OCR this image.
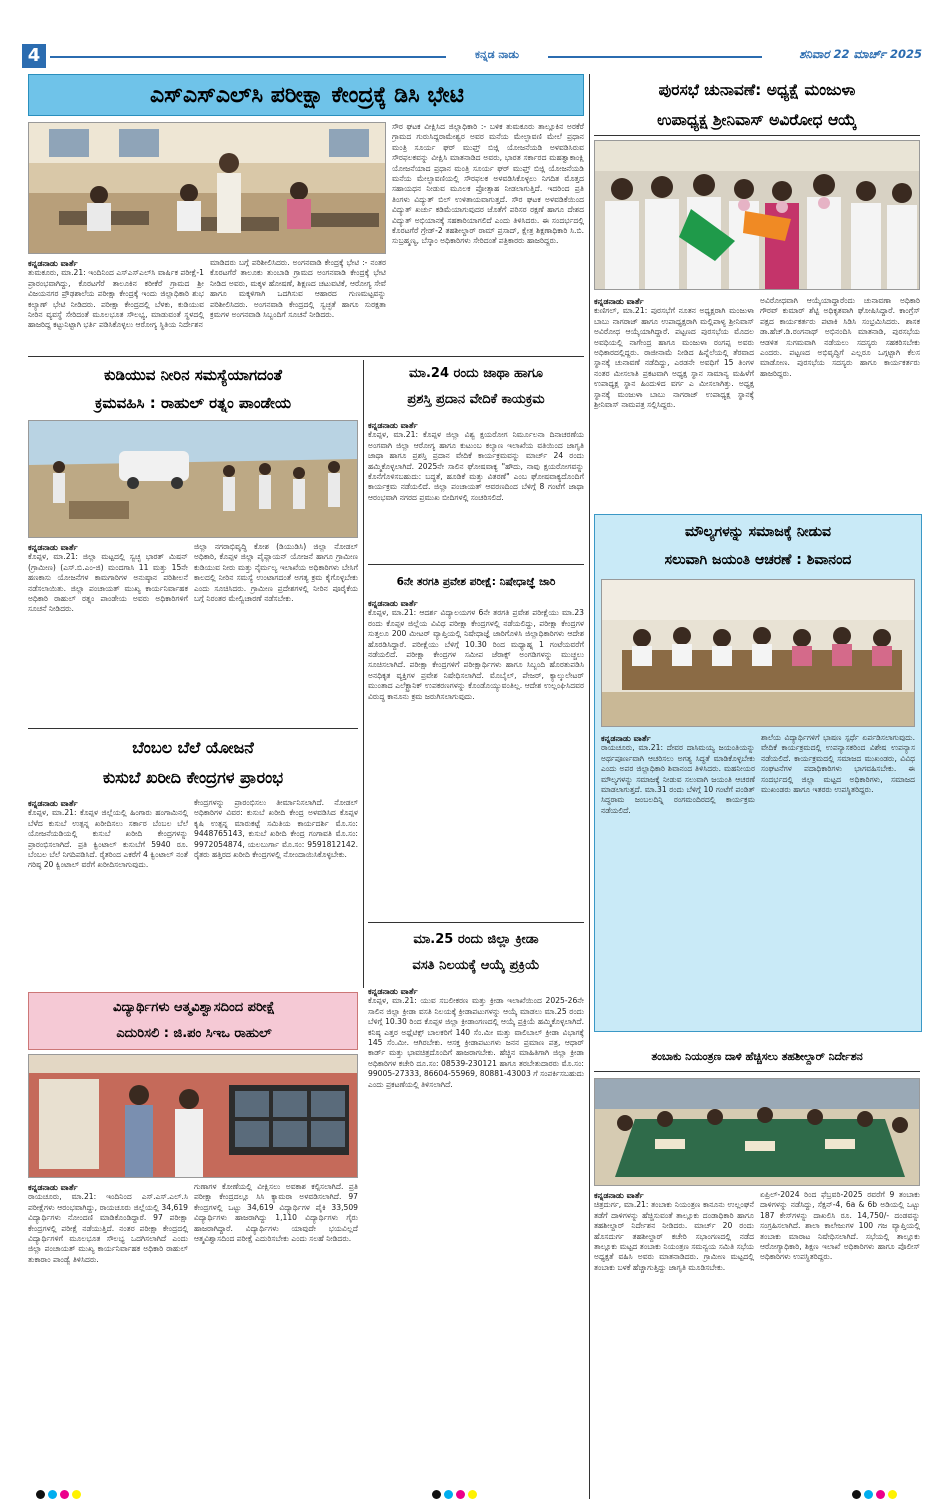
4	ಕನ್ನಡ ನಾಡು	ಶನಿವಾರ 22 ಮಾರ್ಚ್ 2025
ಎಸ್‌ಎಸ್‌ಎಲ್‌ಸಿ ಪರೀಕ್ಷಾ ಕೇಂದ್ರಕ್ಕೆ ಡಿಸಿ ಭೇಟಿ
ಸೌರ ಘಟಕ ವೀಕ್ಷಿಸಿದ ಜಿಲ್ಲಾಧಿಕಾರಿ :- ಬಳಿಕ ತುಮಕೂರು ತಾಲ್ಲೂಕಿನ ಅರಕೆರೆ ಗ್ರಾಮದ ಗುರುಸಿದ್ದರಾಮೇಶ್ವರ ಅವರ ಮನೆಯ ಮೇಲ್ಛಾವಣಿ ಮೇಲೆ ಪ್ರಧಾನ ಮಂತ್ರಿ ಸೂರ್ಯ ಘರ್ ಮುಫ್ತ್ ಬಿಜ್ಲಿ ಯೋಜನೆಯಡಿ ಅಳವಡಿಸಿರುವ ಸೌರಫಲಕವನ್ನು ವೀಕ್ಷಿಸಿ ಮಾತನಾಡಿದ ಅವರು, ಭಾರತ ಸರ್ಕಾರದ ಮಹತ್ವಾಕಾಂಕ್ಷಿ ಯೋಜನೆಯಾದ ಪ್ರಧಾನ ಮಂತ್ರಿ ಸೂರ್ಯ ಘರ್ ಮುಫ್ತ್ ಬಿಜ್ಲಿ ಯೋಜನೆಯಡಿ ಮನೆಯ ಮೇಲ್ಛಾವಣಿಯಲ್ಲಿ ಸೌರಫಲಕ ಅಳವಡಿಸಿಕೊಳ್ಳಲು ನಿಗದಿತ ಮೊತ್ತದ ಸಹಾಯಧನ ನೀಡುವ ಮೂಲಕ ಪ್ರೋತ್ಸಾಹ ನೀಡಲಾಗುತ್ತಿದೆ. ಇದರಿಂದ ಪ್ರತಿ ತಿಂಗಳು ವಿದ್ಯುತ್ ಬಿಲ್ ಉಳಿತಾಯವಾಗುತ್ತದೆ. ಸೌರ ಘಟಕ ಅಳವಡಿಕೆಯಿಂದ ವಿದ್ಯುತ್ ಖರ್ಚು ಕಡಿಮೆಯಾಗುವುದರ ಜೊತೆಗೆ ಪರಿಸರ ರಕ್ಷಣೆ ಹಾಗೂ ದೇಶದ ವಿದ್ಯುತ್ ಅಭಿಯಾನಕ್ಕೆ ಸಹಕಾರಿಯಾಗಲಿದೆ ಎಂದು ತಿಳಿಸಿದರು. ಈ ಸಂದರ್ಭದಲ್ಲಿ ಕೊರಟಗೆರೆ ಗ್ರೇಡ್-2 ತಹಶೀಲ್ದಾರ್ ರಾಮ್ ಪ್ರಸಾದ್, ಕ್ಷೇತ್ರ ಶಿಕ್ಷಣಾಧಿಕಾರಿ ಸಿ.ಬಿ. ಸುಬ್ರಹ್ಮಣ್ಯ, ಬೆಸ್ಕಾಂ ಅಧಿಕಾರಿಗಳು ಸೇರಿದಂತೆ ಪತ್ರಿಕಾರರು ಹಾಜರಿದ್ದರು.
ಕನ್ನಡನಾಡು ವಾರ್ತೆ
ತುಮಕೂರು, ಮಾ.21: ಇಂದಿನಿಂದ ಎಸ್‌ಎಸ್‌ಎಲ್‌ಸಿ ವಾರ್ಷಿಕ ಪರೀಕ್ಷೆ-1 ಪ್ರಾರಂಭವಾಗಿದ್ದು, ಕೊರಟಗೆರೆ ತಾಲೂಕಿನ ಕರೀಕೆರೆ ಗ್ರಾಮದ ಶ್ರೀ ವಿಜಯನಗರ ಪ್ರೌಢಶಾಲೆಯ ಪರೀಕ್ಷಾ ಕೇಂದ್ರಕ್ಕೆ ಇಂದು ಜಿಲ್ಲಾಧಿಕಾರಿ ಶುಭ ಕಲ್ಯಾಣ್ ಭೇಟಿ ನೀಡಿದರು. ಪರೀಕ್ಷಾ ಕೇಂದ್ರದಲ್ಲಿ ಬೆಳಕು, ಕುಡಿಯುವ ನೀರಿನ ವ್ಯವಸ್ಥೆ ಸೇರಿದಂತೆ ಮೂಲಭೂತ ಸೌಲಭ್ಯ, ಮಾಡುವಂತೆ ಸ್ಥಳದಲ್ಲಿ ಹಾಜರಿದ್ದ ಕಟ್ಟುನಿಟ್ಟಾಗಿ ಭರ್ತಿ ಪಡಿಸಿಕೊಳ್ಳಲು ಆರೋಗ್ಯ ಸ್ಥಿತಿಯ ನಿರ್ದೇಶನ
ಮಾಡಿದರು ಬಗ್ಗೆ ಪರಿಶೀಲಿಸಿದರು. ಅಂಗನವಾಡಿ ಕೇಂದ್ರಕ್ಕೆ ಭೇಟಿ :- ನಂತರ ಕೊರಟಗೆರೆ ತಾಲೂಕು ತುಂಬಾಡಿ ಗ್ರಾಮದ ಅಂಗನವಾಡಿ ಕೇಂದ್ರಕ್ಕೆ ಭೇಟಿ ನೀಡಿದ ಅವರು, ಮಕ್ಕಳ ಹೋಷಣೆ, ಶಿಕ್ಷಣದ ಚಟುವಟಿಕೆ, ಆರೋಗ್ಯ ಸೇವೆ ಹಾಗೂ ಮಕ್ಕಳಿಗಾಗಿ ಒದಗಿಸುವ ಆಹಾರದ ಗುಣಮಟ್ಟವನ್ನು ಪರಿಶೀಲಿಸಿದರು. ಅಂಗನವಾಡಿ ಕೇಂದ್ರದಲ್ಲಿ ಸ್ವಚ್ಛತೆ ಹಾಗೂ ಸುರಕ್ಷತಾ ಕ್ರಮಗಳ ಅಂಗನವಾಡಿ ಸಿಬ್ಬಂದಿಗೆ ಸೂಚನೆ ನೀಡಿದರು.
ಪುರಸಭೆ ಚುನಾವಣೆ: ಅಧ್ಯಕ್ಷೆ ಮಂಜುಳಾ
ಉಪಾಧ್ಯಕ್ಷ ಶ್ರೀನಿವಾಸ್ ಅವಿರೋಧ ಆಯ್ಕೆ
ಕನ್ನಡನಾಡು ವಾರ್ತೆ
ಕುಣಿಗಲ್, ಮಾ.21: ಪುರಸಭೆಗೆ ನೂತನ ಅಧ್ಯಕ್ಷರಾಗಿ ಮಂಜುಳಾ ಬಾಬು ನಾಗರಾಜ್ ಹಾಗೂ ಉಪಾಧ್ಯಕ್ಷರಾಗಿ ಮಲ್ಲಿಪಾಳ್ಯ ಶ್ರೀನಿವಾಸ್ ಅವಿರೋಧ ಆಯ್ಕೆಯಾಗಿದ್ದಾರೆ. ಪಟ್ಟಣದ ಪುರಸಭೆಯ ಮೊದಲ ಅವಧಿಯಲ್ಲಿ ನಾಗೇಂದ್ರ ಹಾಗೂ ಮಂಜುಳಾ ರಂಗಪ್ಪ ಅವರು ಅಧಿಕಾರದಲ್ಲಿದ್ದರು. ರಾಜೀನಾಮೆ ನೀಡಿದ ಹಿನ್ನೆಲೆಯಲ್ಲಿ ತೆರವಾದ ಸ್ಥಾನಕ್ಕೆ ಚುನಾವಣೆ ನಡೆದಿದ್ದು, ಎರಡನೇ ಅವಧಿಗೆ 15 ತಿಂಗಳ ನಂತರ ಮೀಸಲಾತಿ ಪ್ರಕಟವಾಗಿ ಅಧ್ಯಕ್ಷ ಸ್ಥಾನ ಸಾಮಾನ್ಯ ಮಹಿಳೆಗೆ ಉಪಾಧ್ಯಕ್ಷ ಸ್ಥಾನ ಹಿಂದುಳಿದ ವರ್ಗ ಎ ಮೀಸಲಾಗಿತ್ತು. ಅಧ್ಯಕ್ಷ ಸ್ಥಾನಕ್ಕೆ ಮಂಜುಳಾ ಬಾಬು ನಾಗರಾಜ್ ಉಪಾಧ್ಯಕ್ಷ ಸ್ಥಾನಕ್ಕೆ ಶ್ರೀನಿವಾಸ್ ನಾಮಪತ್ರ ಸಲ್ಲಿಸಿದ್ದರು.
ಅವಿರೋಧವಾಗಿ ಆಯ್ಕೆಯಾದ್ದಾರೆಂದು ಚುನಾವಣಾ ಅಧಿಕಾರಿ ಗೌರವ್ ಕುಮಾರ್ ಶೆಟ್ಟಿ ಅಧಿಕೃತವಾಗಿ ಘೋಷಿಸಿದ್ದಾರೆ. ಕಾಂಗ್ರೆಸ್ ಪಕ್ಷದ ಕಾರ್ಯಕರ್ತರು ಪಟಾಕಿ ಸಿಡಿಸಿ ಸಂಭ್ರಮಿಸಿದರು. ಶಾಸಕ ಡಾ.ಹೆಚ್.ಡಿ.ರಂಗನಾಥ್ ಅಭಿನಂದಿಸಿ ಮಾತನಾಡಿ, ಪುರಸಭೆಯ ಆಡಳಿತ ಸುಗಮವಾಗಿ ನಡೆಯಲು ಸದಸ್ಯರು ಸಹಕರಿಸಬೇಕು ಎಂದರು. ಪಟ್ಟಣದ ಅಭಿವೃದ್ಧಿಗೆ ಎಲ್ಲರೂ ಒಗ್ಗಟ್ಟಾಗಿ ಕೆಲಸ ಮಾಡೋಣ. ಪುರಸಭೆಯ ಸದಸ್ಯರು ಹಾಗೂ ಕಾರ್ಯಕರ್ತರು ಹಾಜರಿದ್ದರು.
ಕುಡಿಯುವ ನೀರಿನ ಸಮಸ್ಯೆಯಾಗದಂತೆ
ಕ್ರಮವಹಿಸಿ : ರಾಹುಲ್ ರತ್ನಂ ಪಾಂಡೇಯ
ಕನ್ನಡನಾಡು ವಾರ್ತೆ
ಕೊಪ್ಪಳ, ಮಾ.21: ಜಿಲ್ಲಾ ಮಟ್ಟದಲ್ಲಿ ಸ್ವಚ್ಛ ಭಾರತ್ ಮಿಷನ್ (ಗ್ರಾಮೀಣ) (ಎಸ್.ಬಿ.ಎಂ-ಜಿ) ಮಂದಗಾಸಿ 11 ಮತ್ತು 15ನೇ ಹಣಕಾಸು ಯೋಜನೆಗಳ ಕಾಮಗಾರಿಗಳ ಅನುಷ್ಠಾನ ಪರಿಶೀಲನೆ ನಡೆಸಲಾಯಿತು. ಜಿಲ್ಲಾ ಪಂಚಾಯತ್ ಮುಖ್ಯ ಕಾರ್ಯನಿರ್ವಾಹಕ ಅಧಿಕಾರಿ ರಾಹುಲ್ ರತ್ನಂ ಪಾಂಡೇಯ ಅವರು ಅಧಿಕಾರಿಗಳಿಗೆ ಸೂಚನೆ ನೀಡಿದರು.
ಜಿಲ್ಲಾ ನಗರಾಭಿವೃದ್ಧಿ ಕೋಶ (ಡಿಯುಡಿಸಿ) ಜಿಲ್ಲಾ ನೋಡಲ್ ಅಧಿಕಾರಿ, ಕೊಪ್ಪಳ ಜಿಲ್ಲಾ ಪೈಪ್ಲಾಯನ್ ಯೋಜನೆ ಹಾಗೂ ಗ್ರಾಮೀಣ ಕುಡಿಯುವ ನೀರು ಮತ್ತು ನೈರ್ಮಲ್ಯ ಇಲಾಖೆಯ ಅಧಿಕಾರಿಗಳು ಬೇಸಿಗೆ ಕಾಲದಲ್ಲಿ ನೀರಿನ ಸಮಸ್ಯೆ ಉಂಟಾಗದಂತೆ ಅಗತ್ಯ ಕ್ರಮ ಕೈಗೊಳ್ಳಬೇಕು ಎಂದು ಸೂಚಿಸಿದರು. ಗ್ರಾಮೀಣ ಪ್ರದೇಶಗಳಲ್ಲಿ ನೀರಿನ ಪೂರೈಕೆಯ ಬಗ್ಗೆ ನಿರಂತರ ಮೇಲ್ವಿಚಾರಣೆ ನಡೆಸಬೇಕು.
ಮಾ.24 ರಂದು ಜಾಥಾ ಹಾಗೂ
ಪ್ರಶಸ್ತಿ ಪ್ರದಾನ ವೇದಿಕೆ ಕಾಯಕ್ರಮ
ಕನ್ನಡನಾಡು ವಾರ್ತೆ
ಕೊಪ್ಪಳ, ಮಾ.21: ಕೊಪ್ಪಳ ಜಿಲ್ಲಾ ವಿಶ್ವ ಕ್ಷಯರೋಗ ನಿರ್ಮೂಲನಾ ದಿನಾಚರಣೆಯ ಅಂಗವಾಗಿ ಜಿಲ್ಲಾ ಆರೋಗ್ಯ ಹಾಗೂ ಕುಟುಂಬ ಕಲ್ಯಾಣ ಇಲಾಖೆಯ ವತಿಯಿಂದ ಜಾಗೃತಿ ಜಾಥಾ ಹಾಗೂ ಪ್ರಶಸ್ತಿ ಪ್ರದಾನ ವೇದಿಕೆ ಕಾರ್ಯಕ್ರಮವನ್ನು ಮಾರ್ಚ್ 24 ರಂದು ಹಮ್ಮಿಕೊಳ್ಳಲಾಗಿದೆ. 2025ನೇ ಸಾಲಿನ ಘೋಷವಾಕ್ಯ "ಹೌದು, ನಾವು ಕ್ಷಯರೋಗವನ್ನು ಕೊನೆಗೊಳಿಸಬಹುದು: ಬದ್ಧತೆ, ಹೂಡಿಕೆ ಮತ್ತು ವಿತರಣೆ" ಎಂಬ ಘೋಷವಾಕ್ಯದೊಂದಿಗೆ ಕಾರ್ಯಕ್ರಮ ನಡೆಯಲಿದೆ. ಜಿಲ್ಲಾ ಪಂಚಾಯತ್ ಆವರಣದಿಂದ ಬೆಳಿಗ್ಗೆ 8 ಗಂಟೆಗೆ ಜಾಥಾ ಆರಂಭವಾಗಿ ನಗರದ ಪ್ರಮುಖ ಬೀದಿಗಳಲ್ಲಿ ಸಂಚರಿಸಲಿದೆ.
6ನೇ ತರಗತಿ ಪ್ರವೇಶ ಪರೀಕ್ಷೆ: ನಿಷೇಧಾಜ್ಞೆ ಜಾರಿ
ಕನ್ನಡನಾಡು ವಾರ್ತೆ
ಕೊಪ್ಪಳ, ಮಾ.21: ಆದರ್ಶ ವಿದ್ಯಾಲಯಗಳ 6ನೇ ತರಗತಿ ಪ್ರವೇಶ ಪರೀಕ್ಷೆಯು ಮಾ.23 ರಂದು ಕೊಪ್ಪಳ ಜಿಲ್ಲೆಯ ವಿವಿಧ ಪರೀಕ್ಷಾ ಕೇಂದ್ರಗಳಲ್ಲಿ ನಡೆಯಲಿದ್ದು, ಪರೀಕ್ಷಾ ಕೇಂದ್ರಗಳ ಸುತ್ತಲೂ 200 ಮೀಟರ್ ವ್ಯಾಪ್ತಿಯಲ್ಲಿ ನಿಷೇಧಾಜ್ಞೆ ಜಾರಿಗೊಳಿಸಿ ಜಿಲ್ಲಾಧಿಕಾರಿಗಳು ಆದೇಶ ಹೊರಡಿಸಿದ್ದಾರೆ. ಪರೀಕ್ಷೆಯು ಬೆಳಿಗ್ಗೆ 10.30 ರಿಂದ ಮಧ್ಯಾಹ್ನ 1 ಗಂಟೆಯವರೆಗೆ ನಡೆಯಲಿದೆ. ಪರೀಕ್ಷಾ ಕೇಂದ್ರಗಳ ಸಮೀಪ ಜೆರಾಕ್ಸ್ ಅಂಗಡಿಗಳನ್ನು ಮುಚ್ಚಲು ಸೂಚಿಸಲಾಗಿದೆ. ಪರೀಕ್ಷಾ ಕೇಂದ್ರಗಳಿಗೆ ಪರೀಕ್ಷಾರ್ಥಿಗಳು ಹಾಗೂ ಸಿಬ್ಬಂದಿ ಹೊರತುಪಡಿಸಿ ಅನಧಿಕೃತ ವ್ಯಕ್ತಿಗಳ ಪ್ರವೇಶ ನಿಷೇಧಿಸಲಾಗಿದೆ. ಮೊಬೈಲ್, ಪೇಜರ್, ಕ್ಯಾಲ್ಕುಲೇಟರ್ ಮುಂತಾದ ಎಲೆಕ್ಟ್ರಾನಿಕ್ ಉಪಕರಣಗಳನ್ನು ಕೊಂಡೊಯ್ಯುವಂತಿಲ್ಲ. ಆದೇಶ ಉಲ್ಲಂಘಿಸಿದವರ ವಿರುದ್ಧ ಕಾನೂನು ಕ್ರಮ ಜರುಗಿಸಲಾಗುವುದು.
ಬೆಂಬಲ ಬೆಲೆ ಯೋಜನೆ
ಕುಸುಬೆ ಖರೀದಿ ಕೇಂದ್ರಗಳ ಪ್ರಾರಂಭ
ಕನ್ನಡನಾಡು ವಾರ್ತೆ
ಕೊಪ್ಪಳ, ಮಾ.21: ಕೊಪ್ಪಳ ಜಿಲ್ಲೆಯಲ್ಲಿ ಹಿಂಗಾರು ಹಂಗಾಮಿನಲ್ಲಿ ಬೆಳೆದ ಕುಸುಬೆ ಉತ್ಪನ್ನ ಖರೀದಿಸಲು ಸರ್ಕಾರ ಬೆಂಬಲ ಬೆಲೆ ಯೋಜನೆಯಡಿಯಲ್ಲಿ ಕುಸುಬೆ ಖರೀದಿ ಕೇಂದ್ರಗಳನ್ನು ಪ್ರಾರಂಭಿಸಲಾಗಿದೆ. ಪ್ರತಿ ಕ್ವಿಂಟಾಲ್ ಕುಸುಬೆಗೆ 5940 ರೂ. ಬೆಂಬಲ ಬೆಲೆ ನಿಗದಿಪಡಿಸಿದೆ. ರೈತರಿಂದ ಎಕರೆಗೆ 4 ಕ್ವಿಂಟಾಲ್ ನಂತೆ ಗರಿಷ್ಠ 20 ಕ್ವಿಂಟಾಲ್ ವರೆಗೆ ಖರೀದಿಸಲಾಗುವುದು.
ಕೇಂದ್ರಗಳನ್ನು ಪ್ರಾರಂಭಿಸಲು ತೀರ್ಮಾನಿಸಲಾಗಿದೆ. ನೋಡಲ್ ಅಧಿಕಾರಿಗಳ ವಿವರ: ಕುಸುಬೆ ಖರೀದಿ ಕೇಂದ್ರ ಅಳವಡಿಸಿದ ಕೊಪ್ಪಳ ಕೃಷಿ ಉತ್ಪನ್ನ ಮಾರುಕಟ್ಟೆ ಸಮಿತಿಯ ಕಾರ್ಯದರ್ಶಿ ಮೊ.ಸಂ: 9448765143, ಕುಸುಬೆ ಖರೀದಿ ಕೇಂದ್ರ ಗಂಗಾವತಿ ಮೊ.ಸಂ: 9972054874, ಯಲಬುರ್ಗಾ ಮೊ.ಸಂ: 9591812142. ರೈತರು ಹತ್ತಿರದ ಖರೀದಿ ಕೇಂದ್ರಗಳಲ್ಲಿ ನೋಂದಾಯಿಸಿಕೊಳ್ಳಬೇಕು.
ಮಾ.25 ರಂದು ಜಿಲ್ಲಾ ಕ್ರೀಡಾ
ವಸತಿ ನಿಲಯಕ್ಕೆ ಆಯ್ಕೆ ಪ್ರಕ್ರಿಯೆ
ಕನ್ನಡನಾಡು ವಾರ್ತೆ
ಕೊಪ್ಪಳ, ಮಾ.21: ಯುವ ಸಬಲೀಕರಣ ಮತ್ತು ಕ್ರೀಡಾ ಇಲಾಖೆಯಿಂದ 2025-26ನೇ ಸಾಲಿನ ಜಿಲ್ಲಾ ಕ್ರೀಡಾ ವಸತಿ ನಿಲಯಕ್ಕೆ ಕ್ರೀಡಾಪಟುಗಳನ್ನು ಆಯ್ಕೆ ಮಾಡಲು ಮಾ.25 ರಂದು ಬೆಳಿಗ್ಗೆ 10.30 ರಿಂದ ಕೊಪ್ಪಳ ಜಿಲ್ಲಾ ಕ್ರೀಡಾಂಗಣದಲ್ಲಿ ಆಯ್ಕೆ ಪ್ರಕ್ರಿಯೆ ಹಮ್ಮಿಕೊಳ್ಳಲಾಗಿದೆ. ಕನಿಷ್ಠ ಎತ್ತರ ಅಥ್ಲೆಟಿಕ್ಸ್ ಬಾಲಕರಿಗೆ 140 ಸೆಂ.ಮೀ ಮತ್ತು ವಾಲಿಬಾಲ್ ಕ್ರೀಡಾ ವಿಭಾಗಕ್ಕೆ 145 ಸೆಂ.ಮೀ. ಆಗಿರಬೇಕು. ಆಸಕ್ತ ಕ್ರೀಡಾಪಟುಗಳು ಜನನ ಪ್ರಮಾಣ ಪತ್ರ, ಆಧಾರ್ ಕಾರ್ಡ್ ಮತ್ತು ಭಾವಚಿತ್ರದೊಂದಿಗೆ ಹಾಜರಾಗಬೇಕು. ಹೆಚ್ಚಿನ ಮಾಹಿತಿಗಾಗಿ ಜಿಲ್ಲಾ ಕ್ರೀಡಾ ಅಧಿಕಾರಿಗಳ ಕಚೇರಿ ದೂ.ಸಂ: 08539-230121 ಹಾಗೂ ತರಬೇತುದಾರರು ಮೊ.ಸಂ: 99005-27333, 86604-55969, 80881-43003 ಗೆ ಸಂಪರ್ಕಿಸಬಹುದು ಎಂದು ಪ್ರಕಟಣೆಯಲ್ಲಿ ತಿಳಿಸಲಾಗಿದೆ.
ವಿದ್ಯಾರ್ಥಿಗಳು ಆತ್ಮವಿಶ್ವಾಸದಿಂದ ಪರೀಕ್ಷೆ
ಎದುರಿಸಲಿ : ಜಿ.ಪಂ ಸಿಇಒ ರಾಹುಲ್
ಕನ್ನಡನಾಡು ವಾರ್ತೆ
ರಾಯಚೂರು, ಮಾ.21: ಇಂದಿನಿಂದ ಎಸ್.ಎಸ್.ಎಲ್.ಸಿ ಪರೀಕ್ಷೆಗಳು ಆರಂಭವಾಗಿದ್ದು, ರಾಯಚೂರು ಜಿಲ್ಲೆಯಲ್ಲಿ 34,619 ವಿದ್ಯಾರ್ಥಿಗಳು ನೋಂದಣಿ ಮಾಡಿಕೊಂಡಿದ್ದಾರೆ. 97 ಪರೀಕ್ಷಾ ಕೇಂದ್ರಗಳಲ್ಲಿ ಪರೀಕ್ಷೆ ನಡೆಯುತ್ತಿದೆ. ನಂತರ ಪರೀಕ್ಷಾ ಕೇಂದ್ರದಲ್ಲಿ ವಿದ್ಯಾರ್ಥಿಗಳಿಗೆ ಮೂಲಭೂತ ಸೌಲಭ್ಯ ಒದಗಿಸಲಾಗಿದೆ ಎಂದು ಜಿಲ್ಲಾ ಪಂಚಾಯತ್ ಮುಖ್ಯ ಕಾರ್ಯನಿರ್ವಾಹಕ ಅಧಿಕಾರಿ ರಾಹುಲ್ ತುಕಾರಾಂ ಪಾಂಡ್ವೆ ತಿಳಿಸಿದರು.
ಗುಣಾಗಳ ಕೋಣೆಯಲ್ಲಿ ವೀಕ್ಷಿಸಲು ಅವಕಾಶ ಕಲ್ಪಿಸಲಾಗಿದೆ. ಪ್ರತಿ ಪರೀಕ್ಷಾ ಕೇಂದ್ರದಲ್ಲೂ ಸಿಸಿ ಕ್ಯಾಮರಾ ಅಳವಡಿಸಲಾಗಿದೆ. 97 ಕೇಂದ್ರಗಳಲ್ಲಿ ಒಟ್ಟು 34,619 ವಿದ್ಯಾರ್ಥಿಗಳ ಪೈಕಿ 33,509 ವಿದ್ಯಾರ್ಥಿಗಳು ಹಾಜರಾಗಿದ್ದು 1,110 ವಿದ್ಯಾರ್ಥಿಗಳು ಗೈರು ಹಾಜರಾಗಿದ್ದಾರೆ. ವಿದ್ಯಾರ್ಥಿಗಳು ಯಾವುದೇ ಭಯವಿಲ್ಲದೆ ಆತ್ಮವಿಶ್ವಾಸದಿಂದ ಪರೀಕ್ಷೆ ಎದುರಿಸಬೇಕು ಎಂದು ಸಲಹೆ ನೀಡಿದರು.
ಮೌಲ್ಯಗಳನ್ನು ಸಮಾಜಕ್ಕೆ ನೀಡುವ
ಸಲುವಾಗಿ ಜಯಂತಿ ಆಚರಣೆ : ಶಿವಾನಂದ
ಕನ್ನಡನಾಡು ವಾರ್ತೆ
ರಾಯಚೂರು, ಮಾ.21: ದೇವರ ದಾಸಿಮಯ್ಯ ಜಯಂತಿಯನ್ನು ಅರ್ಥಪೂರ್ಣವಾಗಿ ಆಚರಿಸಲು ಅಗತ್ಯ ಸಿದ್ಧತೆ ಮಾಡಿಕೊಳ್ಳಬೇಕು ಎಂದು ಅಪರ ಜಿಲ್ಲಾಧಿಕಾರಿ ಶಿವಾನಂದ ತಿಳಿಸಿದರು. ಮಹನೀಯರ ಮೌಲ್ಯಗಳನ್ನು ಸಮಾಜಕ್ಕೆ ನೀಡುವ ಸಲುವಾಗಿ ಜಯಂತಿ ಆಚರಣೆ ಮಾಡಲಾಗುತ್ತದೆ. ಮಾ.31 ರಂದು ಬೆಳಿಗ್ಗೆ 10 ಗಂಟೆಗೆ ಪಂಡಿತ್ ಸಿದ್ಧರಾಮ ಜಂಬಲದಿನ್ನಿ ರಂಗಮಂದಿರದಲ್ಲಿ ಕಾರ್ಯಕ್ರಮ ನಡೆಯಲಿದೆ.
ಶಾಲೆಯ ವಿದ್ಯಾರ್ಥಿಗಳಿಗೆ ಭಾಷಣ ಸ್ಪರ್ಧೆ ಏರ್ಪಡಿಸಲಾಗುವುದು. ವೇದಿಕೆ ಕಾರ್ಯಕ್ರಮದಲ್ಲಿ ಉಪನ್ಯಾಸಕರಿಂದ ವಿಶೇಷ ಉಪನ್ಯಾಸ ನಡೆಯಲಿದೆ. ಕಾರ್ಯಕ್ರಮದಲ್ಲಿ ಸಮಾಜದ ಮುಖಂಡರು, ವಿವಿಧ ಸಂಘಟನೆಗಳ ಪದಾಧಿಕಾರಿಗಳು ಭಾಗವಹಿಸಬೇಕು. ಈ ಸಂದರ್ಭದಲ್ಲಿ ಜಿಲ್ಲಾ ಮಟ್ಟದ ಅಧಿಕಾರಿಗಳು, ಸಮಾಜದ ಮುಖಂಡರು ಹಾಗೂ ಇತರರು ಉಪಸ್ಥಿತರಿದ್ದರು.
ತಂಬಾಕು ನಿಯಂತ್ರಣ ದಾಳಿ ಹೆಚ್ಚಿಸಲು ತಹಶೀಲ್ದಾರ್ ನಿರ್ದೇಶನ
ಕನ್ನಡನಾಡು ವಾರ್ತೆ
ಚಿತ್ರದುರ್ಗ, ಮಾ.21: ತಂಬಾಕು ನಿಯಂತ್ರಣ ಕಾನೂನು ಉಲ್ಲಂಘನೆ ತಡೆಗೆ ದಾಳಿಗಳನ್ನು ಹೆಚ್ಚಿಸುವಂತೆ ತಾಲ್ಲೂಕು ದಂಡಾಧಿಕಾರಿ ಹಾಗೂ ತಹಶೀಲ್ದಾರ್ ನಿರ್ದೇಶನ ನೀಡಿದರು. ಮಾರ್ಚ್ 20 ರಂದು ಹೊಸದುರ್ಗ ತಹಶೀಲ್ದಾರ್ ಕಚೇರಿ ಸಭಾಂಗಣದಲ್ಲಿ ನಡೆದ ತಾಲ್ಲೂಕು ಮಟ್ಟದ ತಂಬಾಕು ನಿಯಂತ್ರಣ ಸಮನ್ವಯ ಸಮಿತಿ ಸಭೆಯ ಅಧ್ಯಕ್ಷತೆ ವಹಿಸಿ ಅವರು ಮಾತನಾಡಿದರು. ಗ್ರಾಮೀಣ ಮಟ್ಟದಲ್ಲಿ ತಂಬಾಕು ಬಳಕೆ ಹೆಚ್ಚಾಗುತ್ತಿದ್ದು ಜಾಗೃತಿ ಮೂಡಿಸಬೇಕು.
ಏಪ್ರಿಲ್-2024 ರಿಂದ ಫೆಬ್ರವರಿ-2025 ರವರೆಗೆ 9 ತಂಬಾಕು ದಾಳಿಗಳನ್ನು ನಡೆಸಿದ್ದು, ಸೆಕ್ಷನ್-4, 6a & 6b ಅಡಿಯಲ್ಲಿ ಒಟ್ಟು 187 ಕೇಸ್‌ಗಳನ್ನು ದಾಖಲಿಸಿ ರೂ. 14,750/- ದಂಡವನ್ನು ಸಂಗ್ರಹಿಸಲಾಗಿದೆ. ಶಾಲಾ ಕಾಲೇಜುಗಳ 100 ಗಜ ವ್ಯಾಪ್ತಿಯಲ್ಲಿ ತಂಬಾಕು ಮಾರಾಟ ನಿಷೇಧಿಸಲಾಗಿದೆ. ಸಭೆಯಲ್ಲಿ ತಾಲ್ಲೂಕು ಆರೋಗ್ಯಾಧಿಕಾರಿ, ಶಿಕ್ಷಣ ಇಲಾಖೆ ಅಧಿಕಾರಿಗಳು ಹಾಗೂ ಪೊಲೀಸ್ ಅಧಿಕಾರಿಗಳು ಉಪಸ್ಥಿತರಿದ್ದರು.
